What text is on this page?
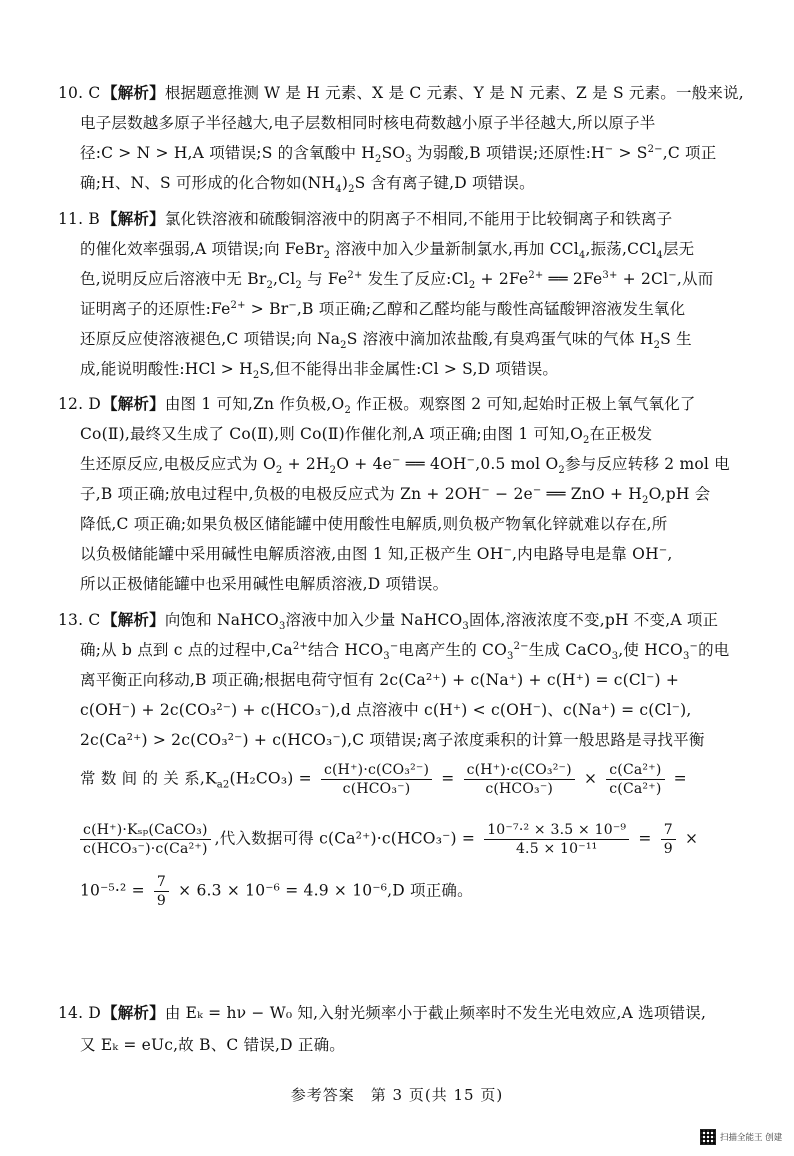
10. C 【解析】根据题意推测 W 是 H 元素、X 是 C 元素、Y 是 N 元素、Z 是 S 元素。一般来说,
电子层数越多原子半径越大,电子层数相同时核电荷数越小原子半径越大,所以原子半
径:C > N > H,A 项错误;S 的含氧酸中 $H_2SO_3$ 为弱酸,B 项错误;还原性:H− > $S^{2-},C$ 项正
确;H、N、S 可形成的化合物如$(NH_4)_2S$ 含有离子键,D 项错误。
11. B 【解析】氯化铁溶液和硫酸铜溶液中的阴离子不相同,不能用于比较铜离子和铁离子
的催化效率强弱,A 项错误;向 FeBr$_2$ 溶液中加入少量新制氯水,再加 CCl$_4$,振荡,CCl$_4$层无
色,说明反应后溶液中无 $Br_2,Cl_2$ 与 $Fe^{2+}$ 发生了反应$:Cl_2 + 2Fe^{2+}$ ══ $2Fe^{3+} + 2Cl^-$,从而
证明离子的还原性$:Fe^{2+} > Br^-,B$ 项正确;乙醇和乙醛均能与酸性高锰酸钾溶液发生氧化
还原反应使溶液褪色,C 项错误;向 $Na_2S$ 溶液中滴加浓盐酸,有臭鸡蛋气味的气体 $H_2S$ 生
成,能说明酸性:HCl > $H_2S$,但不能得出非金属性:Cl > S,D 项错误。
12. D【解析】由图 1 可知,Zn 作负极$,O_2$ 作正极。观察图 2 可知,起始时正极上氧气氧化了
Co(Ⅱ),最终又生成了 Co(Ⅱ),则 Co(Ⅱ)作催化剂,A 项正确;由图 1 可知$,O_2$在正极发
生还原反应,电极反应式为 $O_2 + 2H_2O + 4e^-$ ══ 4OH−,0.5 mol $O_2$参与反应转移 2 mol 电
子,B 项正确;放电过程中,负极的电极反应式为 Zn + 2OH− − 2e− ══ ZnO + $H_2O,pH$ 会
降低,C 项正确;如果负极区储能罐中使用酸性电解质,则负极产物氧化锌就难以存在,所
以负极储能罐中采用碱性电解质溶液,由图 1 知,正极产生 OH−,内电路导电是靠 OH−,
所以正极储能罐中也采用碱性电解质溶液,D 项错误。
13. C 【解析】向饱和 NaHCO$_3$溶液中加入少量 NaHCO$_3$固体,溶液浓度不变,pH 不变,A 项正
确;从 b 点到 c 点的过程中$,Ca^{2+}$结合 $HCO_3^-$电离产生的 $CO_3^{2-}$生成 CaCO$_3$,使 $HCO_3^-$的电
离平衡正向移动,B 项正确;根据电荷守恒有 2c(Ca²⁺) + c(Na⁺) + c(H⁺) = c(Cl⁻) +
c(OH⁻) + 2c(CO₃²⁻) + c(HCO₃⁻),d 点溶液中 c(H⁺) < c(OH⁻)、c(Na⁺) = c(Cl⁻),
2c(Ca²⁺) > 2c(CO₃²⁻) + c(HCO₃⁻),C 项错误;离子浓度乘积的计算一般思路是寻找平衡
常 数 间 的 关 系$,K_{a2}(H_2CO_3) = \frac{\text{c(H⁺)·c(CO₃²⁻)}}{\text{c(HCO₃⁻)}} = \frac{\text{c(H⁺)·c(CO₃²⁻)}}{\text{c(HCO₃⁻)}} \times \frac{\text{c(Ca²⁺)}}{\text{c(Ca²⁺)}}$ =
$\frac{\text{c(H⁺)·Kₛₚ(CaCO₃)}}{\text{c(HCO₃⁻)·c(Ca²⁺)}}$ ,代入数据可得 $c(Ca^{2+})\cdot c(HCO_3^-) = \frac{\text{10⁻⁷·² × 3.5 × 10⁻⁹}}{\text{4.5 × 10⁻¹¹}} = \frac{7}{9}$ ×
$10^{-5}\cdot^2 = \frac{7}{9} \times 6.3 \times 10^{-6} = 4.9 \times 10^{-6},D$ 项正确。
14. D【解析】由 Eₖ = hν − W₀ 知,入射光频率小于截止频率时不发生光电效应,A 选项错误,
又 Eₖ = eUc,故 B、C 错误,D 正确。
参考答案　第 3 页(共 15 页)
扫描全能王 创建
